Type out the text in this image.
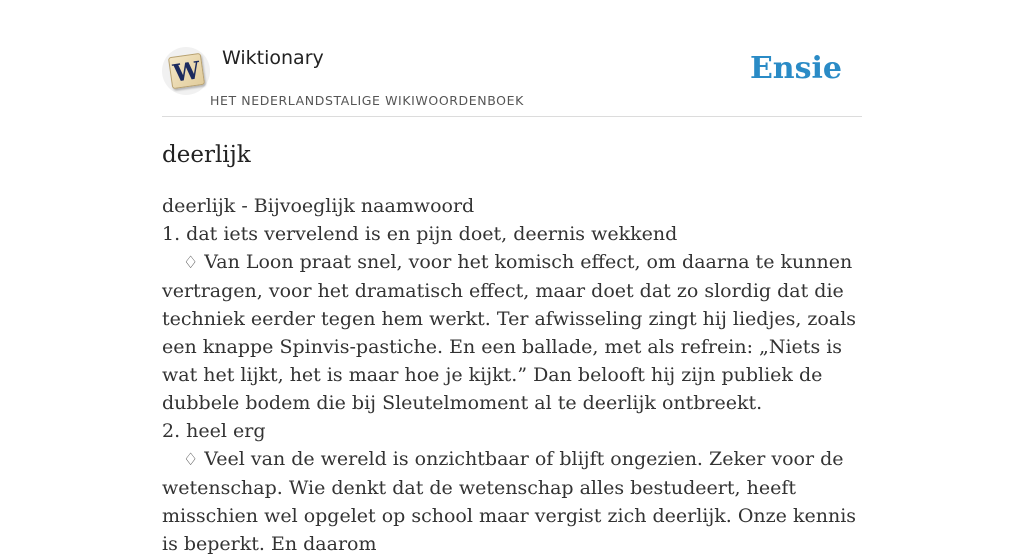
W Wiktionary
HET NEDERLANDSTALIGE WIKIWOORDENBOEK
Ensie
deerlijk

deerlijk - Bijvoeglijk naamwoord

1. dat iets vervelend is en pijn doet, deernis wekkend

♢ Van Loon praat snel, voor het komisch effect, om daarna te kunnen vertragen, voor het dramatisch effect, maar doet dat zo slordig dat die techniek eerder tegen hem werkt. Ter afwisseling zingt hij liedjes, zoals een knappe Spinvis-pastiche. En een ballade, met als refrein: „Niets is wat het lijkt, het is maar hoe je kijkt.” Dan belooft hij zijn publiek de dubbele bodem die bij Sleutelmoment al te deerlijk ontbreekt.

2. heel erg

♢ Veel van de wereld is onzichtbaar of blijft ongezien. Zeker voor de wetenschap. Wie denkt dat de wetenschap alles bestudeert, heeft misschien wel opgelet op school maar vergist zich deerlijk. Onze kennis is beperkt. En daarom
